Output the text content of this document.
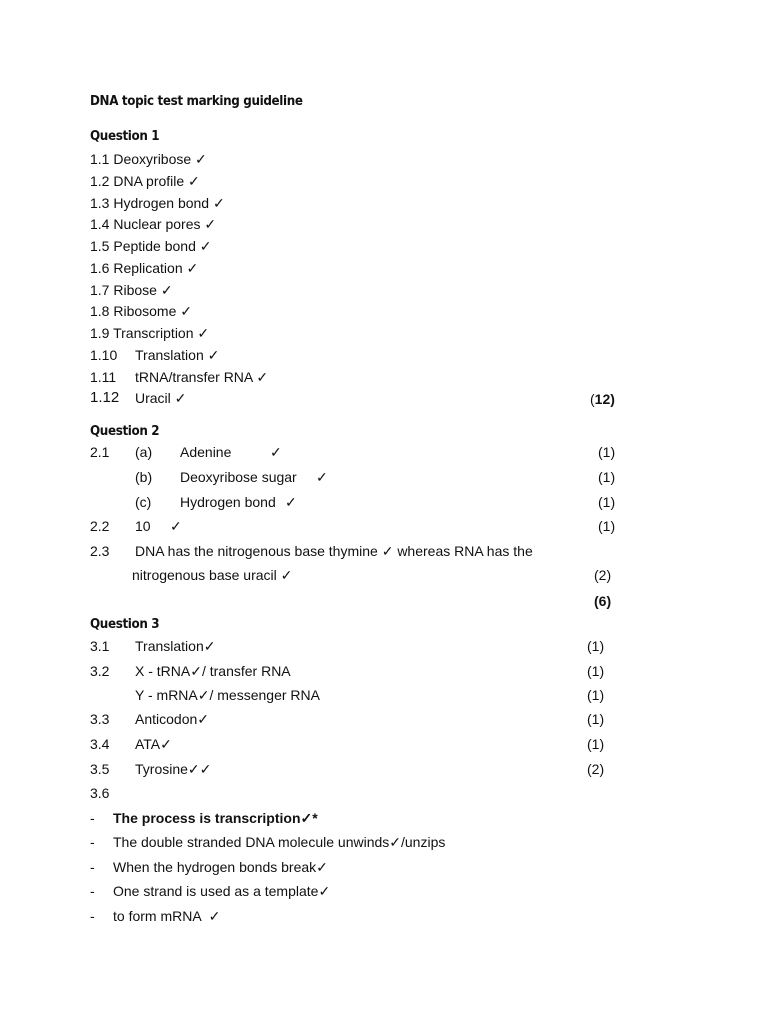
DNA topic test marking guideline
Question 1
1.1 Deoxyribose ✓
1.2 DNA profile ✓
1.3 Hydrogen bond ✓
1.4 Nuclear pores ✓
1.5 Peptide bond ✓
1.6 Replication ✓
1.7 Ribose ✓
1.8 Ribosome ✓
1.9 Transcription ✓
1.10 Translation ✓
1.11 tRNA/transfer RNA ✓
1.12 Uracil ✓	(12)
Question 2
2.1 (a) Adenine	✓	(1)
(b) Deoxyribose sugar ✓	(1)
(c) Hydrogen bond ✓	(1)
2.2 10 ✓	(1)
2.3 DNA has the nitrogenous base thymine ✓ whereas RNA has the
nitrogenous base uracil ✓	(2)
(6)
Question 3
3.1 Translation✓	(1)
3.2 X - tRNA✓/ transfer RNA	(1)
Y - mRNA✓/ messenger RNA	(1)
3.3 Anticodon✓	(1)
3.4 ATA✓	(1)
3.5 Tyrosine✓✓	(2)
3.6
- The process is transcription✓*
- The double stranded DNA molecule unwinds✓/unzips
- When the hydrogen bonds break✓
- One strand is used as a template✓
- to form mRNA  ✓
